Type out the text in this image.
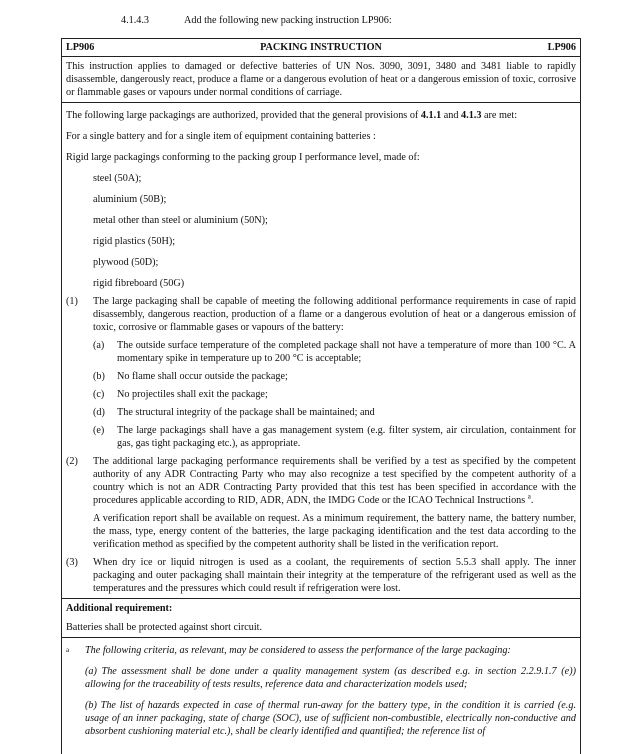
4.1.4.3	Add the following new packing instruction LP906:
LP906	PACKING INSTRUCTION	LP906

This instruction applies to damaged or defective batteries of UN Nos. 3090, 3091, 3480 and 3481 liable to rapidly disassemble, dangerously react, produce a flame or a dangerous evolution of heat or a dangerous emission of toxic, corrosive or flammable gases or vapours under normal conditions of carriage.

The following large packagings are authorized, provided that the general provisions of 4.1.1 and 4.1.3 are met:

For a single battery and for a single item of equipment containing batteries :

Rigid large packagings conforming to the packing group I performance level, made of:

steel (50A);

aluminium (50B);

metal other than steel or aluminium (50N);

rigid plastics (50H);

plywood (50D);

rigid fibreboard (50G)

(1)	The large packaging shall be capable of meeting the following additional performance requirements in case of rapid disassembly, dangerous reaction, production of a flame or a dangerous evolution of heat or a dangerous emission of toxic, corrosive or flammable gases or vapours of the battery:
(a)	The outside surface temperature of the completed package shall not have a temperature of more than 100 °C. A momentary spike in temperature up to 200 °C is acceptable;
(b)	No flame shall occur outside the package;
(c)	No projectiles shall exit the package;
(d)	The structural integrity of the package shall be maintained; and
(e)	The large packagings shall have a gas management system (e.g. filter system, air circulation, containment for gas, gas tight packaging etc.), as appropriate.
(2)	The additional large packaging performance requirements shall be verified by a test as specified by the competent authority of any ADR Contracting Party who may also recognize a test specified by the competent authority of a country which is not an ADR Contracting Party provided that this test has been specified in accordance with the procedures applicable according to RID, ADR, ADN, the IMDG Code or the ICAO Technical Instructions $^a$.
A verification report shall be available on request. As a minimum requirement, the battery name, the battery number, the mass, type, energy content of the batteries, the large packaging identification and the test data according to the verification method as specified by the competent authority shall be listed in the verification report.
(3)	When dry ice or liquid nitrogen is used as a coolant, the requirements of section 5.5.3 shall apply. The inner packaging and outer packaging shall maintain their integrity at the temperature of the refrigerant used as well as the temperatures and the pressures which could result if refrigeration were lost.

Additional requirement:

Batteries shall be protected against short circuit.

a	The following criteria, as relevant, may be considered to assess the performance of the large packaging:

(a) The assessment shall be done under a quality management system (as described e.g. in section 2.2.9.1.7 (e)) allowing for the traceability of tests results, reference data and characterization models used;

(b) The list of hazards expected in case of thermal run-away for the battery type, in the condition it is carried (e.g. usage of an inner packaging, state of charge (SOC), use of sufficient non-combustible, electrically non-conductive and absorbent cushioning material etc.), shall be clearly identified and quantified; the reference list of
